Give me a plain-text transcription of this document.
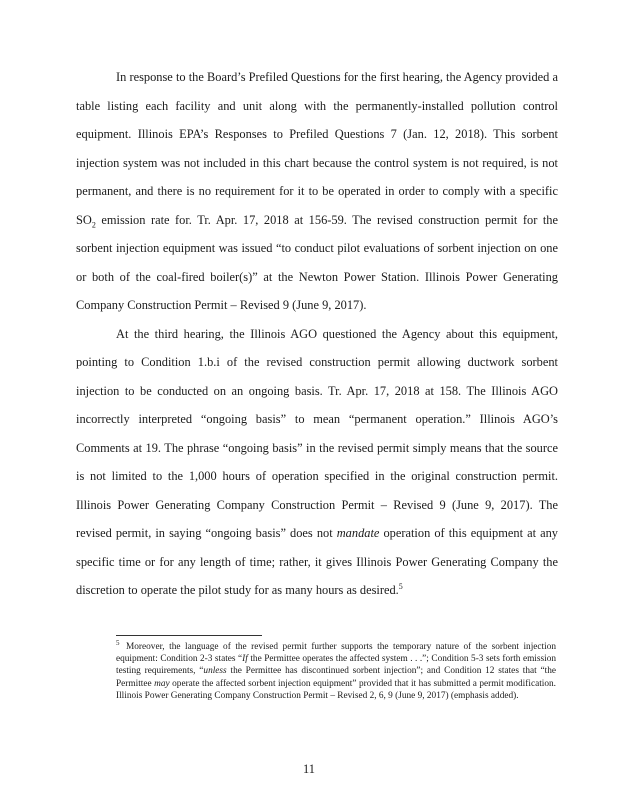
In response to the Board’s Prefiled Questions for the first hearing, the Agency provided a table listing each facility and unit along with the permanently-installed pollution control equipment. Illinois EPA’s Responses to Prefiled Questions 7 (Jan. 12, 2018). This sorbent injection system was not included in this chart because the control system is not required, is not permanent, and there is no requirement for it to be operated in order to comply with a specific $SO_2$ emission rate for. Tr. Apr. 17, 2018 at 156-59. The revised construction permit for the sorbent injection equipment was issued “to conduct pilot evaluations of sorbent injection on one or both of the coal-fired boiler(s)” at the Newton Power Station. Illinois Power Generating Company Construction Permit – Revised 9 (June 9, 2017).

At the third hearing, the Illinois AGO questioned the Agency about this equipment, pointing to Condition 1.b.i of the revised construction permit allowing ductwork sorbent injection to be conducted on an ongoing basis. Tr. Apr. 17, 2018 at 158. The Illinois AGO incorrectly interpreted “ongoing basis” to mean “permanent operation.” Illinois AGO’s Comments at 19. The phrase “ongoing basis” in the revised permit simply means that the source is not limited to the 1,000 hours of operation specified in the original construction permit. Illinois Power Generating Company Construction Permit – Revised 9 (June 9, 2017). The revised permit, in saying “ongoing basis” does not mandate operation of this equipment at any specific time or for any length of time; rather, it gives Illinois Power Generating Company the discretion to operate the pilot study for as many hours as desired.$^5$

$^5$ Moreover, the language of the revised permit further supports the temporary nature of the sorbent injection equipment: Condition 2-3 states “If the Permittee operates the affected system . . .”; Condition 5-3 sets forth emission testing requirements, “unless the Permittee has discontinued sorbent injection”; and Condition 12 states that “the Permittee may operate the affected sorbent injection equipment” provided that it has submitted a permit modification. Illinois Power Generating Company Construction Permit – Revised 2, 6, 9 (June 9, 2017) (emphasis added).
11
